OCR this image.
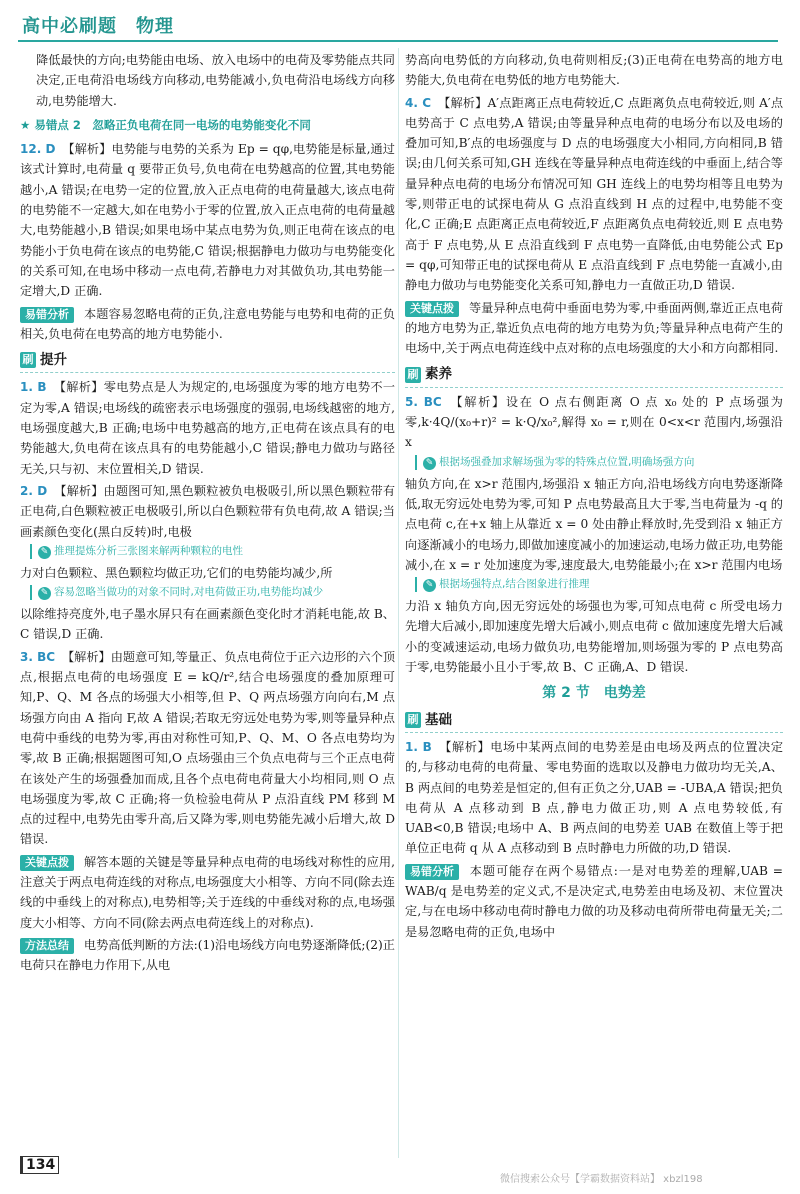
高中必刷题　物理

降低最快的方向;电势能由电场、放入电场中的电荷及零势能点共同决定,正电荷沿电场线方向移动,电势能减小,负电荷沿电场线方向移动,电势能增大.

★ 易错点 2　忽略正负电荷在同一电场的电势能变化不同

12. D 【解析】电势能与电势的关系为 Ep = qφ,电势能是标量,通过该式计算时,电荷量 q 要带正负号,负电荷在电势越高的位置,其电势能越小,A 错误;在电势一定的位置,放入正点电荷的电荷量越大,该点电荷的电势能不一定越大,如在电势小于零的位置,放入正点电荷的电荷量越大,电势能越小,B 错误;如果电场中某点电势为负,则正电荷在该点的电势能小于负电荷在该点的电势能,C 错误;根据静电力做功与电势能变化的关系可知,在电场中移动一点电荷,若静电力对其做负功,其电势能一定增大,D 正确.

易错分析 本题容易忽略电荷的正负,注意电势能与电势和电荷的正负相关,负电荷在电势高的地方电势能小.

刷 提升

1. B 【解析】零电势点是人为规定的,电场强度为零的地方电势不一定为零,A 错误;电场线的疏密表示电场强度的强弱,电场线越密的地方,电场强度越大,B 正确;电场中电势越高的地方,正电荷在该点具有的电势能越大,负电荷在该点具有的电势能越小,C 错误;静电力做功与路径无关,只与初、末位置相关,D 错误.

2. D 【解析】由题图可知,黑色颗粒被负电极吸引,所以黑色颗粒带有正电荷,白色颗粒被正电极吸引,所以白色颗粒带有负电荷,故 A 错误;当画素颜色变化(黑白反转)时,电极

✎ 推理提炼分析三张图来解两种颗粒的电性

力对白色颗粒、黑色颗粒均做正功,它们的电势能均减少,所

✎ 容易忽略当做功的对象不同时,对电荷做正功,电势能均减少

以除维持亮度外,电子墨水屏只有在画素颜色变化时才消耗电能,故 B、C 错误,D 正确.

3. BC 【解析】由题意可知,等量正、负点电荷位于正六边形的六个顶点,根据点电荷的电场强度 E = kQ/r²,结合电场强度的叠加原理可知,P、Q、M 各点的场强大小相等,但 P、Q 两点场强方向向右,M 点场强方向由 A 指向 F,故 A 错误;若取无穷远处电势为零,则等量异种点电荷中垂线的电势为零,再由对称性可知,P、Q、M、O 各点电势均为零,故 B 正确;根据题图可知,O 点场强由三个负点电荷与三个正点电荷在该处产生的场强叠加而成,且各个点电荷电荷量大小均相同,则 O 点电场强度为零,故 C 正确;将一负检验电荷从 P 点沿直线 PM 移到 M 点的过程中,电势先由零升高,后又降为零,则电势能先减小后增大,故 D 错误.

关键点拨 解答本题的关键是等量异种点电荷的电场线对称性的应用,注意关于两点电荷连线的对称点,电场强度大小相等、方向不同(除去连线的中垂线上的对称点),电势相等;关于连线的中垂线对称的点,电场强度大小相等、方向不同(除去两点电荷连线上的对称点).

方法总结 电势高低判断的方法:(1)沿电场线方向电势逐渐降低;(2)正电荷只在静电力作用下,从电

势高向电势低的方向移动,负电荷则相反;(3)正电荷在电势高的地方电势能大,负电荷在电势低的地方电势能大.

4. C 【解析】A′点距离正点电荷较近,C 点距离负点电荷较近,则 A′点电势高于 C 点电势,A 错误;由等量异种点电荷的电场分布以及电场的叠加可知,B′点的电场强度与 D 点的电场强度大小相同,方向相同,B 错误;由几何关系可知,GH 连线在等量异种点电荷连线的中垂面上,结合等量异种点电荷的电场分布情况可知 GH 连线上的电势均相等且电势为零,则带正电的试探电荷从 G 点沿直线到 H 点的过程中,电势能不变化,C 正确;E 点距离正点电荷较近,F 点距离负点电荷较近,则 E 点电势高于 F 点电势,从 E 点沿直线到 F 点电势一直降低,由电势能公式 Ep = qφ,可知带正电的试探电荷从 E 点沿直线到 F 点电势能一直减小,由静电力做功与电势能变化关系可知,静电力一直做正功,D 错误.

关键点拨 等量异种点电荷中垂面电势为零,中垂面两侧,靠近正点电荷的地方电势为正,靠近负点电荷的地方电势为负;等量异种点电荷产生的电场中,关于两点电荷连线中点对称的点电场强度的大小和方向都相同.

刷 素养

5. BC 【解析】设在 O 点右侧距离 O 点 x₀ 处的 P 点场强为零,k·4Q/(x₀+r)² = k·Q/x₀²,解得 x₀ = r,则在 0<x<r 范围内,场强沿 x

✎ 根据场强叠加求解场强为零的特殊点位置,明确场强方向

轴负方向,在 x>r 范围内,场强沿 x 轴正方向,沿电场线方向电势逐渐降低,取无穷远处电势为零,可知 P 点电势最高且大于零,当电荷量为 -q 的点电荷 c,在+x 轴上从靠近 x = 0 处由静止释放时,先受到沿 x 轴正方向逐渐减小的电场力,即做加速度减小的加速运动,电场力做正功,电势能减小,在 x = r 处加速度为零,速度最大,电势能最小;在 x>r 范围内电场

✎ 根据场强特点,结合图象进行推理

力沿 x 轴负方向,因无穷远处的场强也为零,可知点电荷 c 所受电场力先增大后减小,即加速度先增大后减小,则点电荷 c 做加速度先增大后减小的变减速运动,电场力做负功,电势能增加,则场强为零的 P 点电势高于零,电势能最小且小于零,故 B、C 正确,A、D 错误.

第 2 节　电势差
刷 基础

1. B 【解析】电场中某两点间的电势差是由电场及两点的位置决定的,与移动电荷的电荷量、零电势面的选取以及静电力做功均无关,A、B 两点间的电势差是恒定的,但有正负之分,UAB = -UBA,A 错误;把负电荷从 A 点移动到 B 点,静电力做正功,则 A 点电势较低,有 UAB<0,B 错误;电场中 A、B 两点间的电势差 UAB 在数值上等于把单位正电荷 q 从 A 点移动到 B 点时静电力所做的功,D 错误.

易错分析 本题可能存在两个易错点:一是对电势差的理解,UAB = WAB/q 是电势差的定义式,不是决定式,电势差由电场及初、末位置决定,与在电场中移动电荷时静电力做的功及移动电荷所带电荷量无关;二是易忽略电荷的正负,电场中

134
微信搜索公众号【学霸数据资料站】 xbzl198
